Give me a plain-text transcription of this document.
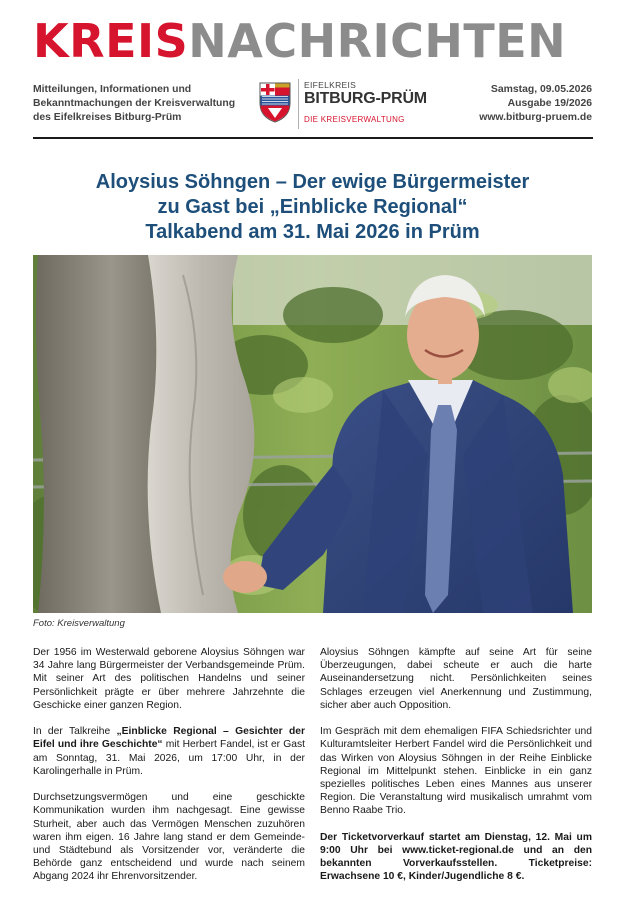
KREISNACHRICHTEN
Mitteilungen, Informationen und
Bekanntmachungen der Kreisverwaltung
des Eifelkreises Bitburg-Prüm
EIFELKREIS
BITBURG-PRÜM
DIE KREISVERWALTUNG
Samstag, 09.05.2026
Ausgabe 19/2026
www.bitburg-pruem.de
Aloysius Söhngen – Der ewige Bürgermeister
zu Gast bei „Einblicke Regional“
Talkabend am 31. Mai 2026 in Prüm
Foto: Kreisverwaltung

Der 1956 im Westerwald geborene Aloysius Söhngen war 34 Jahre lang Bürgermeister der Verbandsgemeinde Prüm. Mit seiner Art des politischen Handelns und seiner Persönlichkeit prägte er über mehrere Jahrzehnte die Geschicke einer ganzen Region.

In der Talkreihe „Einblicke Regional – Gesichter der Eifel und ihre Geschichte“ mit Herbert Fandel, ist er Gast am Sonntag, 31. Mai 2026, um 17:00 Uhr, in der Karolingerhalle in Prüm.

Durchsetzungsvermögen und eine geschickte Kommunikation wurden ihm nachgesagt. Eine gewisse Sturheit, aber auch das Vermögen Menschen zuzuhören waren ihm eigen. 16 Jahre lang stand er dem Gemeinde- und Städtebund als Vorsitzender vor, veränderte die Behörde ganz entscheidend und wurde nach seinem Abgang 2024 ihr Ehrenvorsitzender.

Aloysius Söhngen kämpfte auf seine Art für seine Überzeugungen, dabei scheute er auch die harte Auseinandersetzung nicht. Persönlichkeiten seines Schlages erzeugen viel Anerkennung und Zustimmung, sicher aber auch Opposition.

Im Gespräch mit dem ehemaligen FIFA Schiedsrichter und Kulturamtsleiter Herbert Fandel wird die Persönlichkeit und das Wirken von Aloysius Söhngen in der Reihe Einblicke Regional im Mittelpunkt stehen. Einblicke in ein ganz spezielles politisches Leben eines Mannes aus unserer Region. Die Veranstaltung wird musikalisch umrahmt vom Benno Raabe Trio.

Der Ticketvorverkauf startet am Dienstag, 12. Mai um 9:00 Uhr bei www.ticket-regional.de und an den bekannten Vorverkaufsstellen. Ticketpreise: Erwachsene 10 €, Kinder/Jugendliche 8 €.
